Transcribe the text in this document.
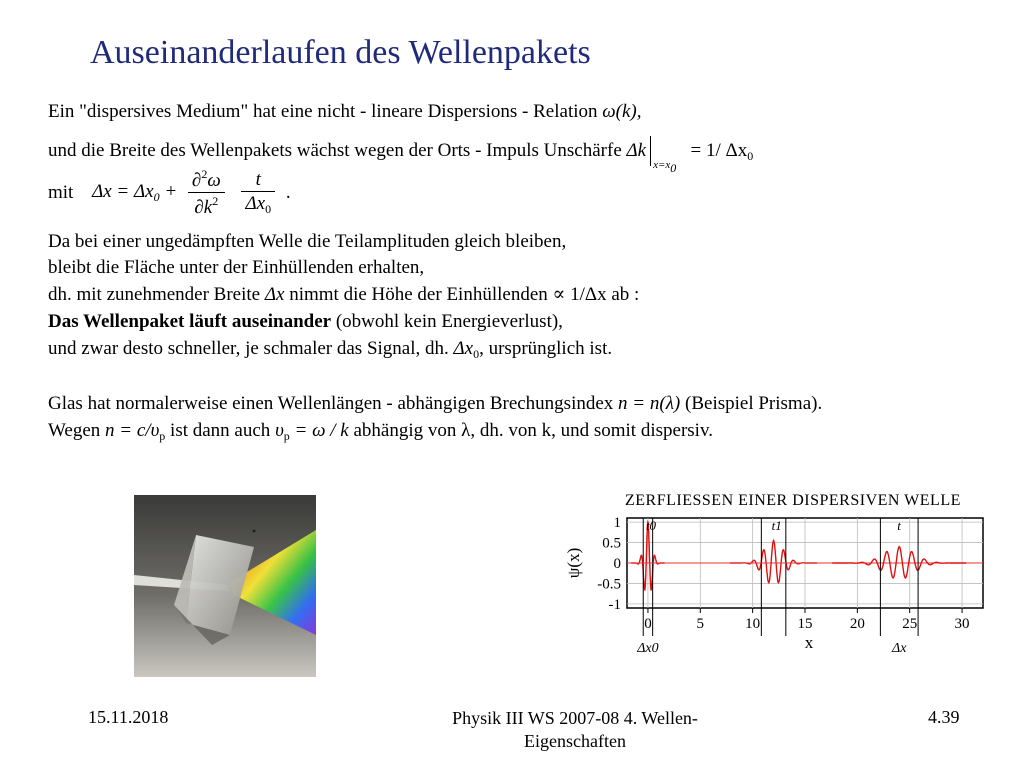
Auseinanderlaufen des Wellenpakets
Ein "dispersives Medium" hat eine nicht - lineare Dispersions - Relation ω(k),
und die Breite des Wellenpakets wächst wegen der Orts - Impuls Unschärfe $\Delta k_{x=x_0} = 1/$ $\Delta x_0$
mit $\Delta x = \Delta x_0 + \frac{\partial^2\omega}{\partial k^2}$
$\frac{t}{\Delta x_0}$ .
Da bei einer ungedämpften Welle die Teilamplituden gleich bleiben,
bleibt die Fläche unter der Einhüllenden erhalten,
dh. mit zunehmender Breite Δx nimmt die Höhe der Einhüllenden ∝ 1/Δx ab :
Das Wellenpaket läuft auseinander (obwohl kein Energieverlust),
und zwar desto schneller, je schmaler das Signal, dh. $\Delta x_0$, ursprünglich ist.
Glas hat normalerweise einen Wellenlängen - abhängigen Brechungsindex n = n(λ) (Beispiel Prisma).
Wegen $n = c/\upsilon_p$ ist dann auch $\upsilon_p = \omega / k$ abhängig von λ, dh. von k, und somit dispersiv.
ZERFLIESSEN EINER DISPERSIVEN WELLE
1
0.5
0
-0.5
-1
0	5	10 15 20 25 30
x
ψ(x)
t0	t1	t
Δx0	Δx
15.11.2018	Physik III WS 2007-08 4. Wellen-Eigenschaften
4.39
